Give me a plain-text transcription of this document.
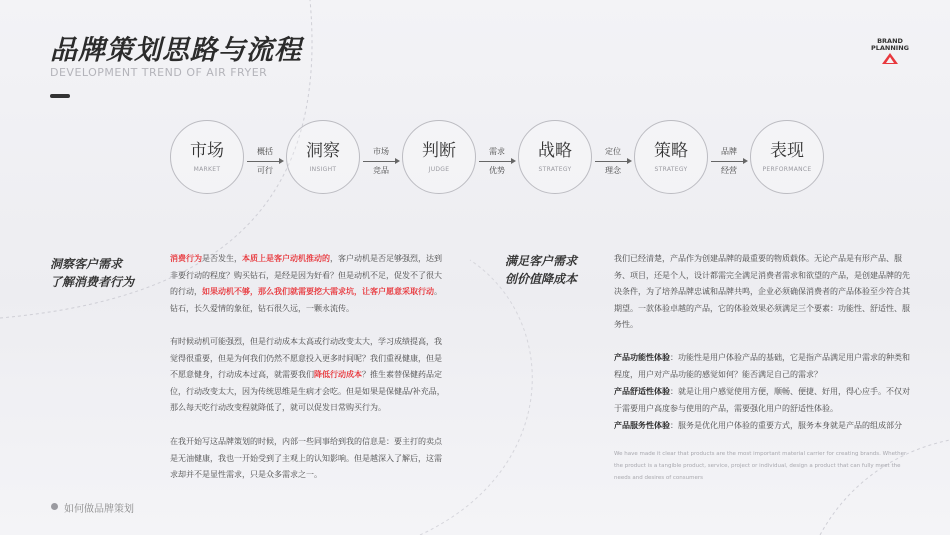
品牌策划思路与流程
DEVELOPMENT TREND OF AIR FRYER
BRAND
PLANNING
市场
MARKET
概括
可行
洞察
INSIGHT
市场
竞品
判断
JUDGE
需求
优势
战略
STRATEGY
定位
理念
策略
STRATEGY
品牌
经营
表现
PERFORMANCE
洞察客户需求
了解消费者行为

消费行为是否发生，本质上是客户动机推动的，客户动机是否足够强烈，达到非要行动的程度？购买钻石，是经是因为好看？但是动机不足，促发不了很大的行动，如果动机不够，那么我们就需要挖大需求坑，让客户愿意采取行动。钻石，长久爱情的象征，钻石很久远，一颗永流传。

有时候动机可能强烈，但是行动成本太高或行动改变太大，学习成绩提高，我觉得很重要，但是为何我们仍然不愿意投入更多时间呢？我们重视健康，但是不愿意健身，行动成本过高，就需要我们降低行动成本？推生素替保健药品定位，行动改变太大，因为传统思维是生病才会吃。但是如果是保健品/补充品，那么每天吃行动改变程就降低了，就可以促发日常购买行为。

在我开始写这品牌策划的时候，内部一些同事给到我的信息是：要主打的卖点是无油健康，我也一开始受到了主观上的认知影响。但是越深入了解后，这需求却并不是显性需求，只是众多需求之一。

满足客户需求
创价值降成本

我们已经清楚，产品作为创建品牌的最重要的物质载体。无论产品是有形产品、服务、项目，还是个人，设计都需完全满足消费者需求和欲望的产品，是创建品牌的先决条件，为了培养品牌忠诚和品牌共鸣，企业必须确保消费者的产品体验至少符合其期望。一款体验卓越的产品，它的体验效果必须满足三个要素：功能性、舒适性、服务性。

产品功能性体验：功能性是用户体验产品的基础，它是指产品满足用户需求的种类和程度，用户对产品功能的感觉如何？能否满足自己的需求？

产品舒适性体验：就是让用户感觉使用方便，顺畅、便捷、好用，得心应手。不仅对于需要用户高度参与使用的产品，需要强化用户的舒适性体验。

产品服务性体验：服务是优化用户体验的重要方式，服务本身就是产品的组成部分

We have made it clear that products are the most important material carrier for creating brands. Whether the product is a tangible product, service, project or individual, design a product that can fully meet the needs and desires of consumers

如何做品牌策划
